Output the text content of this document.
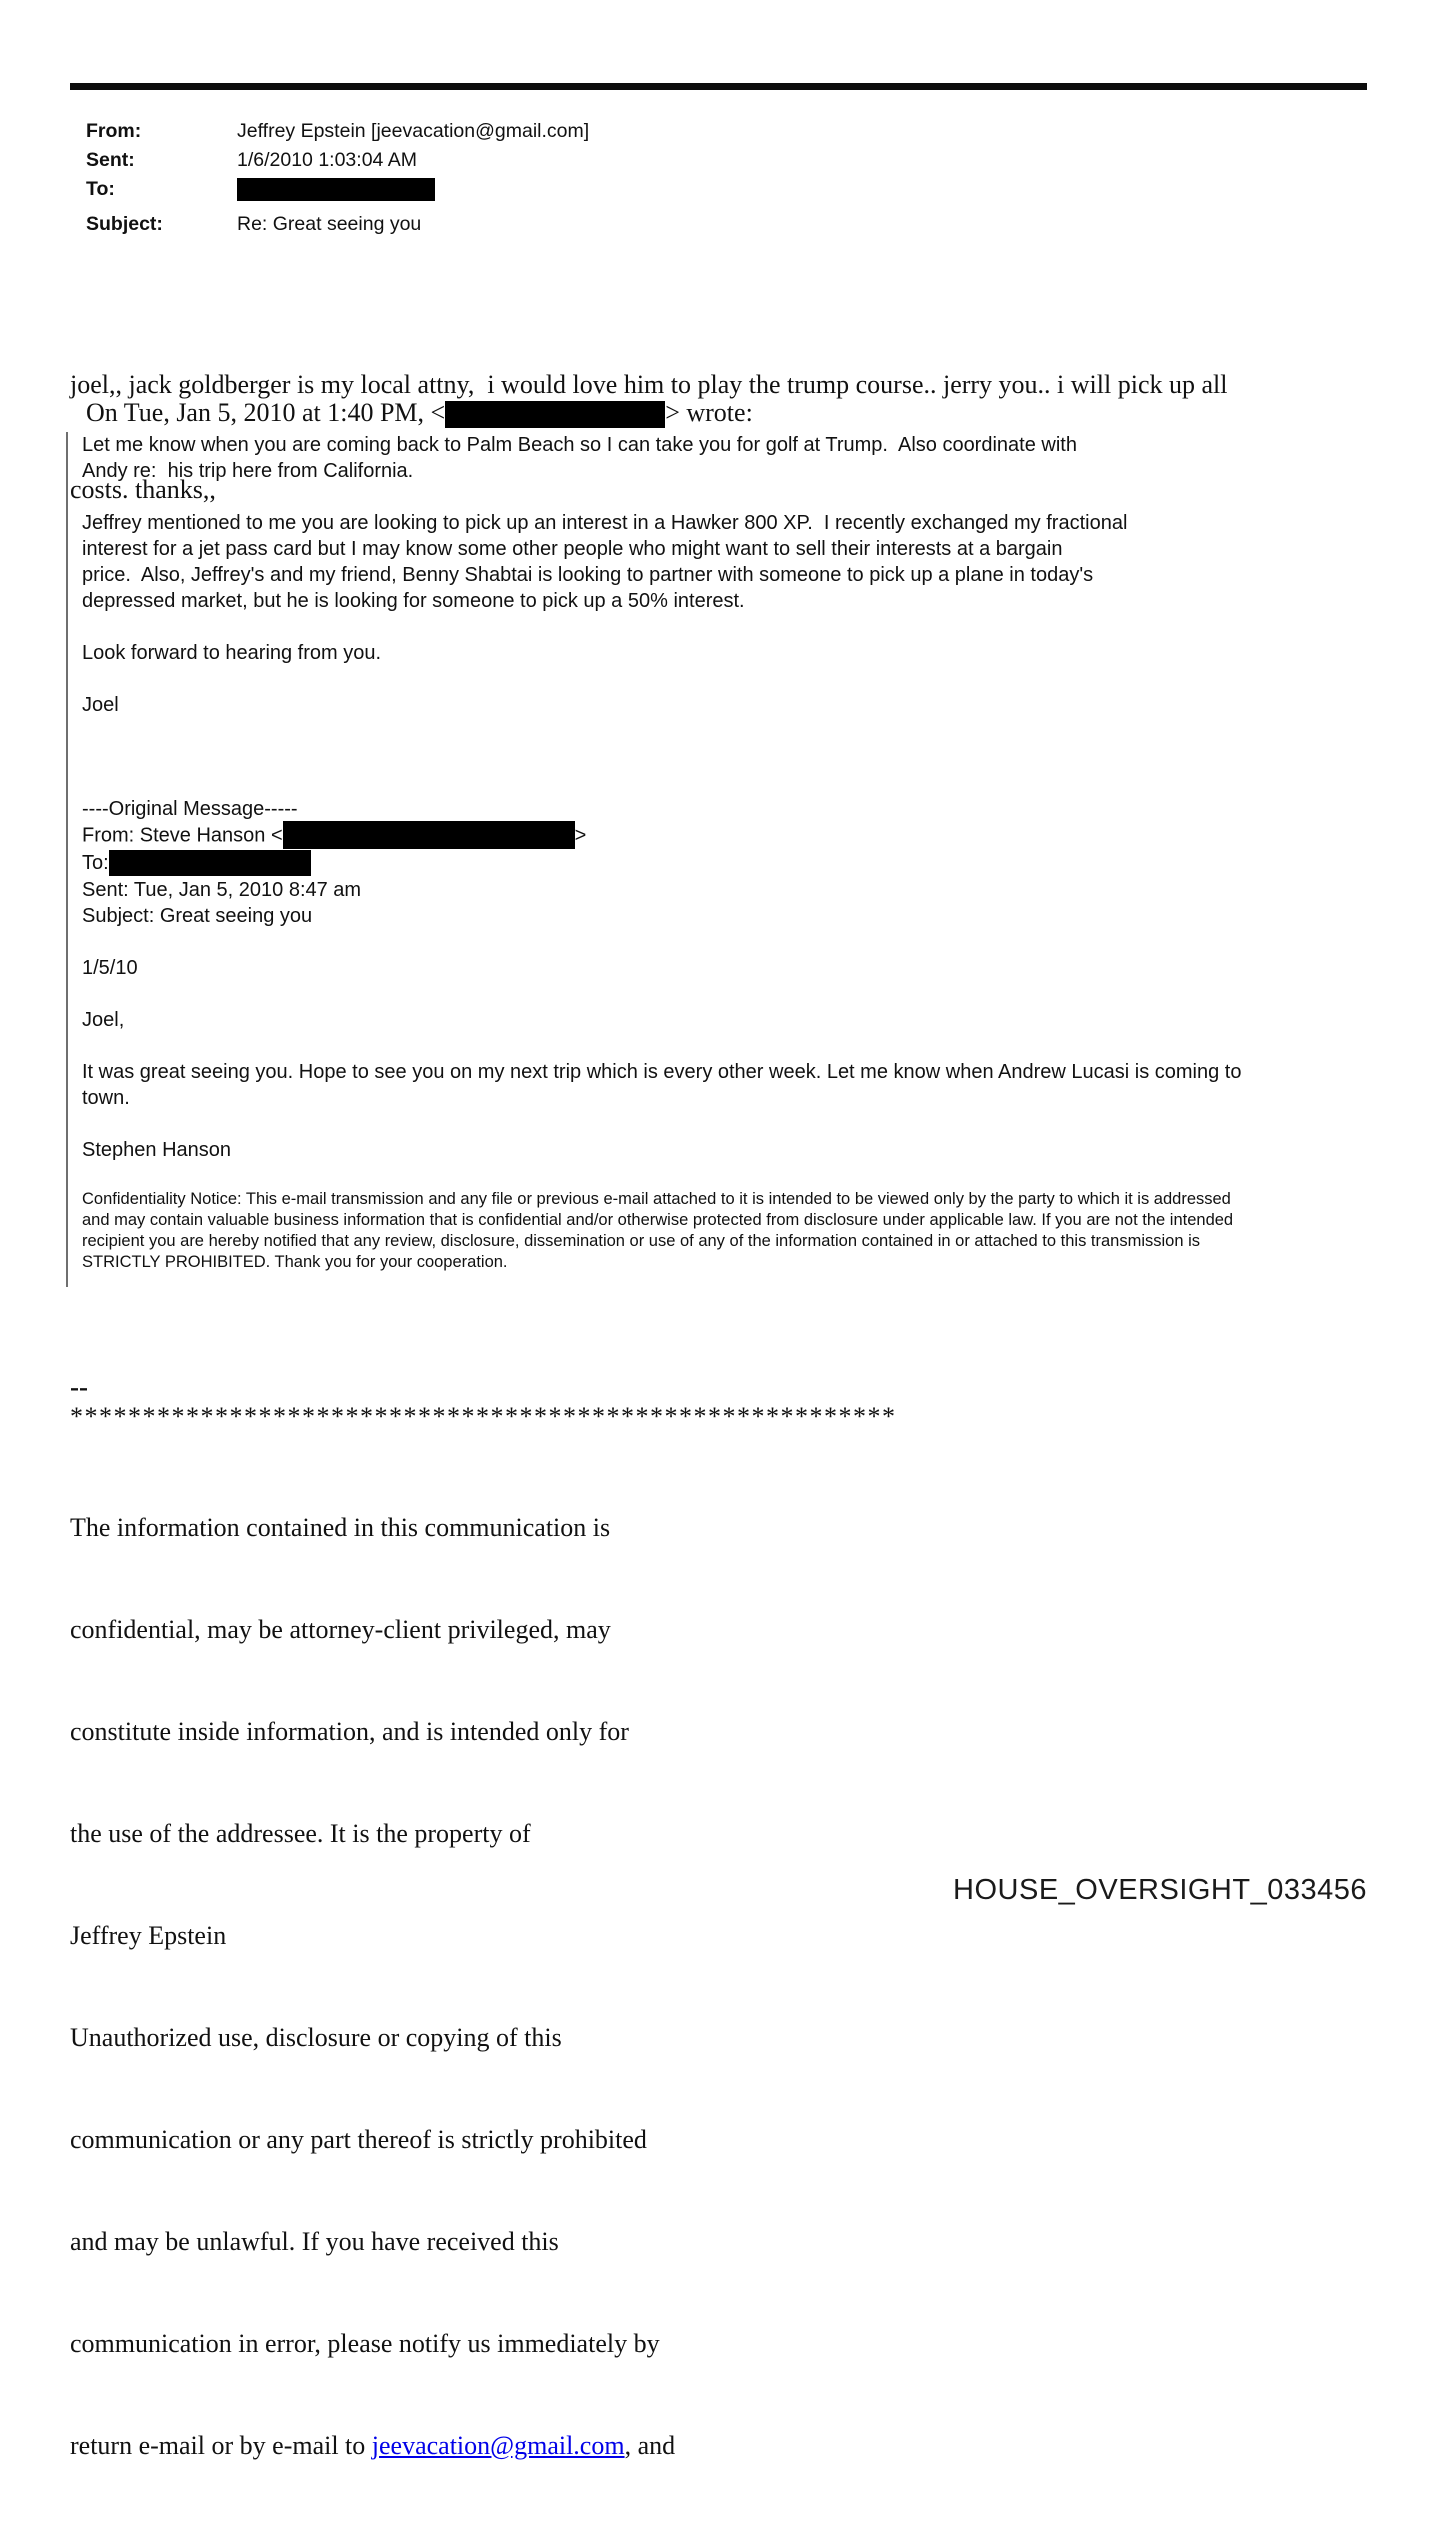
From:	Jeffrey Epstein [jeevacation@gmail.com]
Sent:	1/6/2010 1:03:04 AM
To:
Subject:	Re: Great seeing you

joel,, jack goldberger is my local attny,  i would love him to play the trump course.. jerry you.. i will pick up all

costs. thanks,,

On Tue, Jan 5, 2010 at 1:40 PM, <	> wrote:
Let me know when you are coming back to Palm Beach so I can take you for golf at Trump.  Also coordinate with
Andy re:  his trip here from California.
Jeffrey mentioned to me you are looking to pick up an interest in a Hawker 800 XP.  I recently exchanged my fractional
interest for a jet pass card but I may know some other people who might want to sell their interests at a bargain
price.  Also, Jeffrey's and my friend, Benny Shabtai is looking to partner with someone to pick up a plane in today's
depressed market, but he is looking for someone to pick up a 50% interest.
Look forward to hearing from you.
Joel
----Original Message-----
From: Steve Hanson <	>
To:
Sent: Tue, Jan 5, 2010 8:47 am
Subject: Great seeing you
1/5/10
Joel,
It was great seeing you. Hope to see you on my next trip which is every other week. Let me know when Andrew Lucasi is coming to
town.
Stephen Hanson
Confidentiality Notice: This e-mail transmission and any file or previous e-mail attached to it is intended to be viewed only by the party to which it is addressed
and may contain valuable business information that is confidential and/or otherwise protected from disclosure under applicable law. If you are not the intended
recipient you are hereby notified that any review, disclosure, dissemination or use of any of the information contained in or attached to this transmission is
STRICTLY PROHIBITED. Thank you for your cooperation.
--
*********************************************************

The information contained in this communication is

confidential, may be attorney-client privileged, may

constitute inside information, and is intended only for

the use of the addressee. It is the property of

Jeffrey Epstein

Unauthorized use, disclosure or copying of this

communication or any part thereof is strictly prohibited

and may be unlawful. If you have received this

communication in error, please notify us immediately by

return e-mail or by e-mail to jeevacation@gmail.com, and

HOUSE_OVERSIGHT_033456
